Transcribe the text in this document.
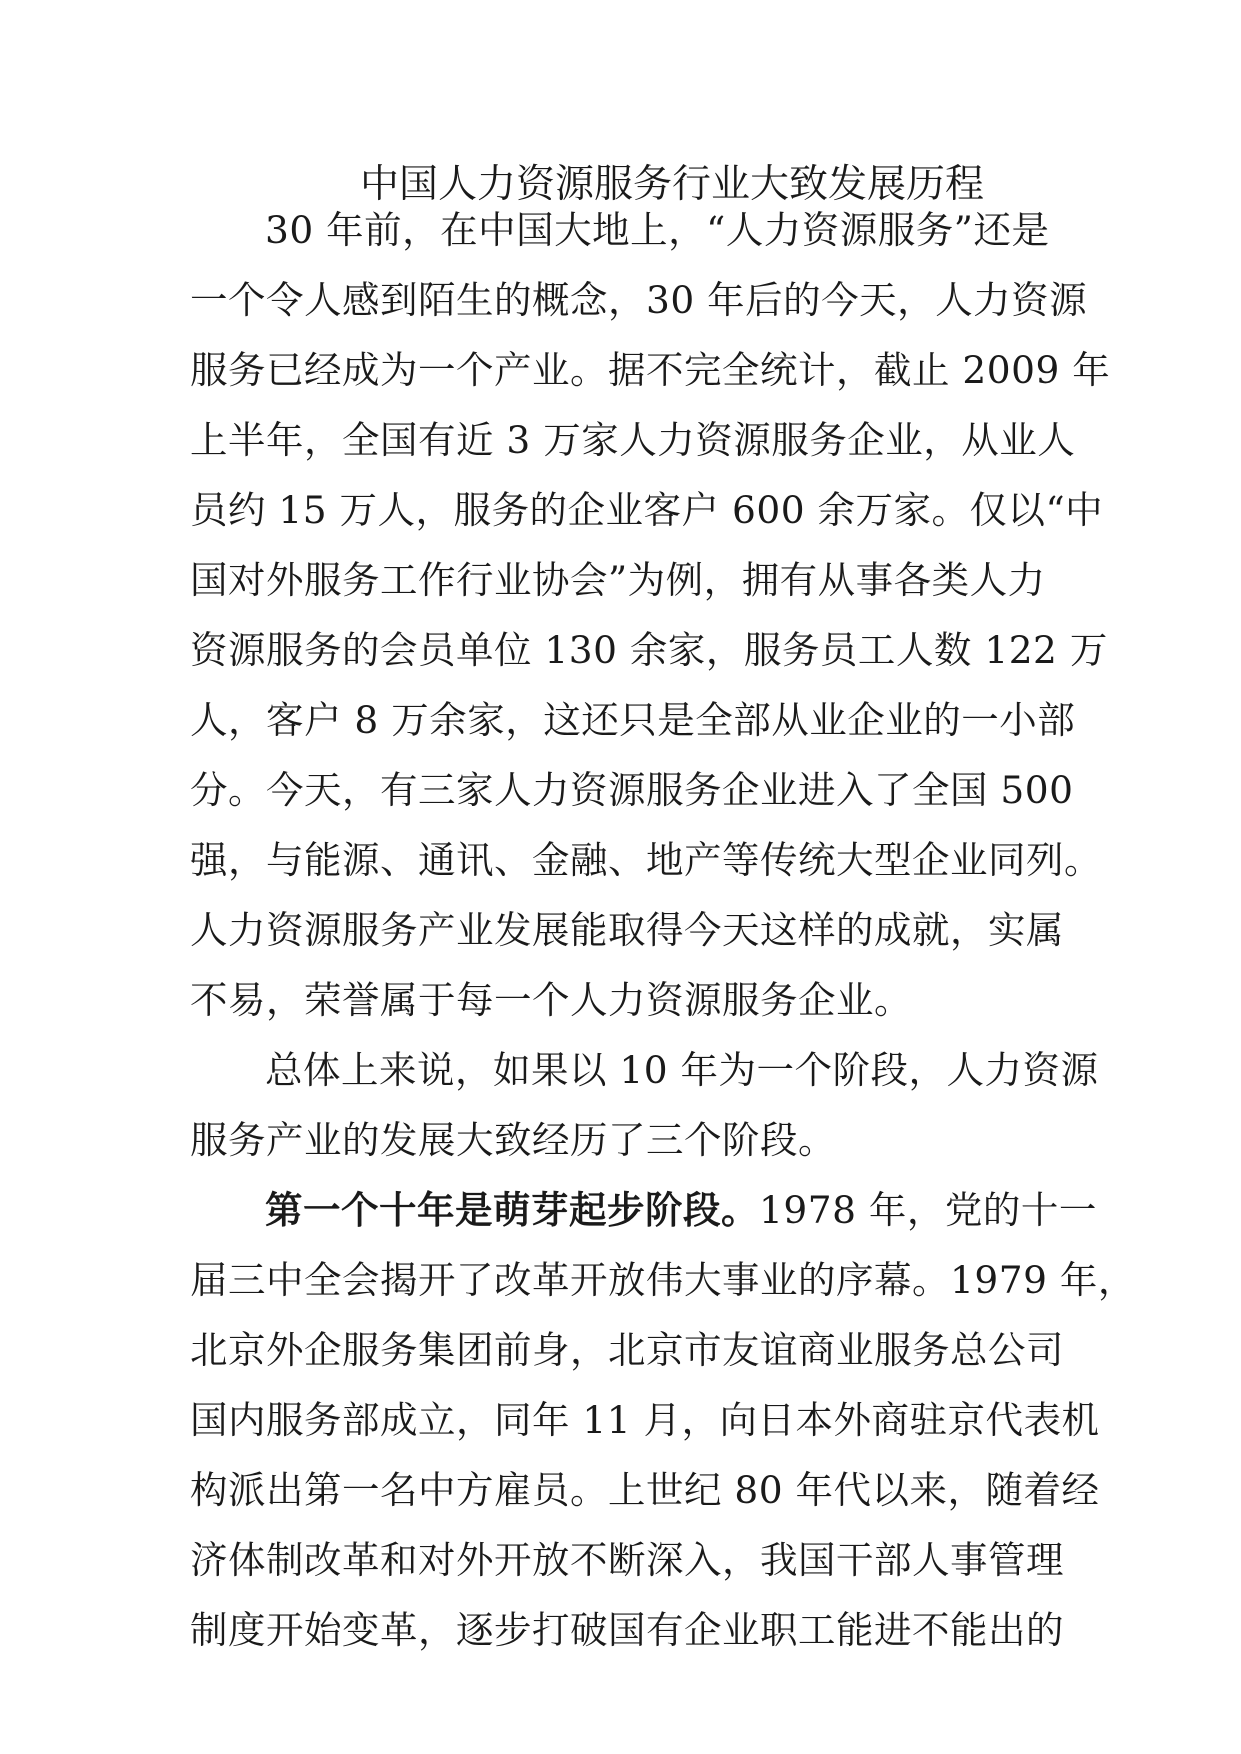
中国人力资源服务行业大致发展历程
30 年前，在中国大地上，“人力资源服务”还是
一个令人感到陌生的概念，30 年后的今天，人力资源
服务已经成为一个产业。据不完全统计，截止 2009 年
上半年，全国有近 3 万家人力资源服务企业，从业人
员约 15 万人，服务的企业客户 600 余万家。仅以“中
国对外服务工作行业协会”为例，拥有从事各类人力
资源服务的会员单位 130 余家，服务员工人数 122 万
人，客户 8 万余家，这还只是全部从业企业的一小部
分。今天，有三家人力资源服务企业进入了全国 500
强，与能源、通讯、金融、地产等传统大型企业同列。
人力资源服务产业发展能取得今天这样的成就，实属
不易，荣誉属于每一个人力资源服务企业。
总体上来说，如果以 10 年为一个阶段，人力资源
服务产业的发展大致经历了三个阶段。
第一个十年是萌芽起步阶段。1978 年，党的十一
届三中全会揭开了改革开放伟大事业的序幕。1979 年，
北京外企服务集团前身，北京市友谊商业服务总公司
国内服务部成立，同年 11 月，向日本外商驻京代表机
构派出第一名中方雇员。上世纪 80 年代以来，随着经
济体制改革和对外开放不断深入，我国干部人事管理
制度开始变革，逐步打破国有企业职工能进不能出的
